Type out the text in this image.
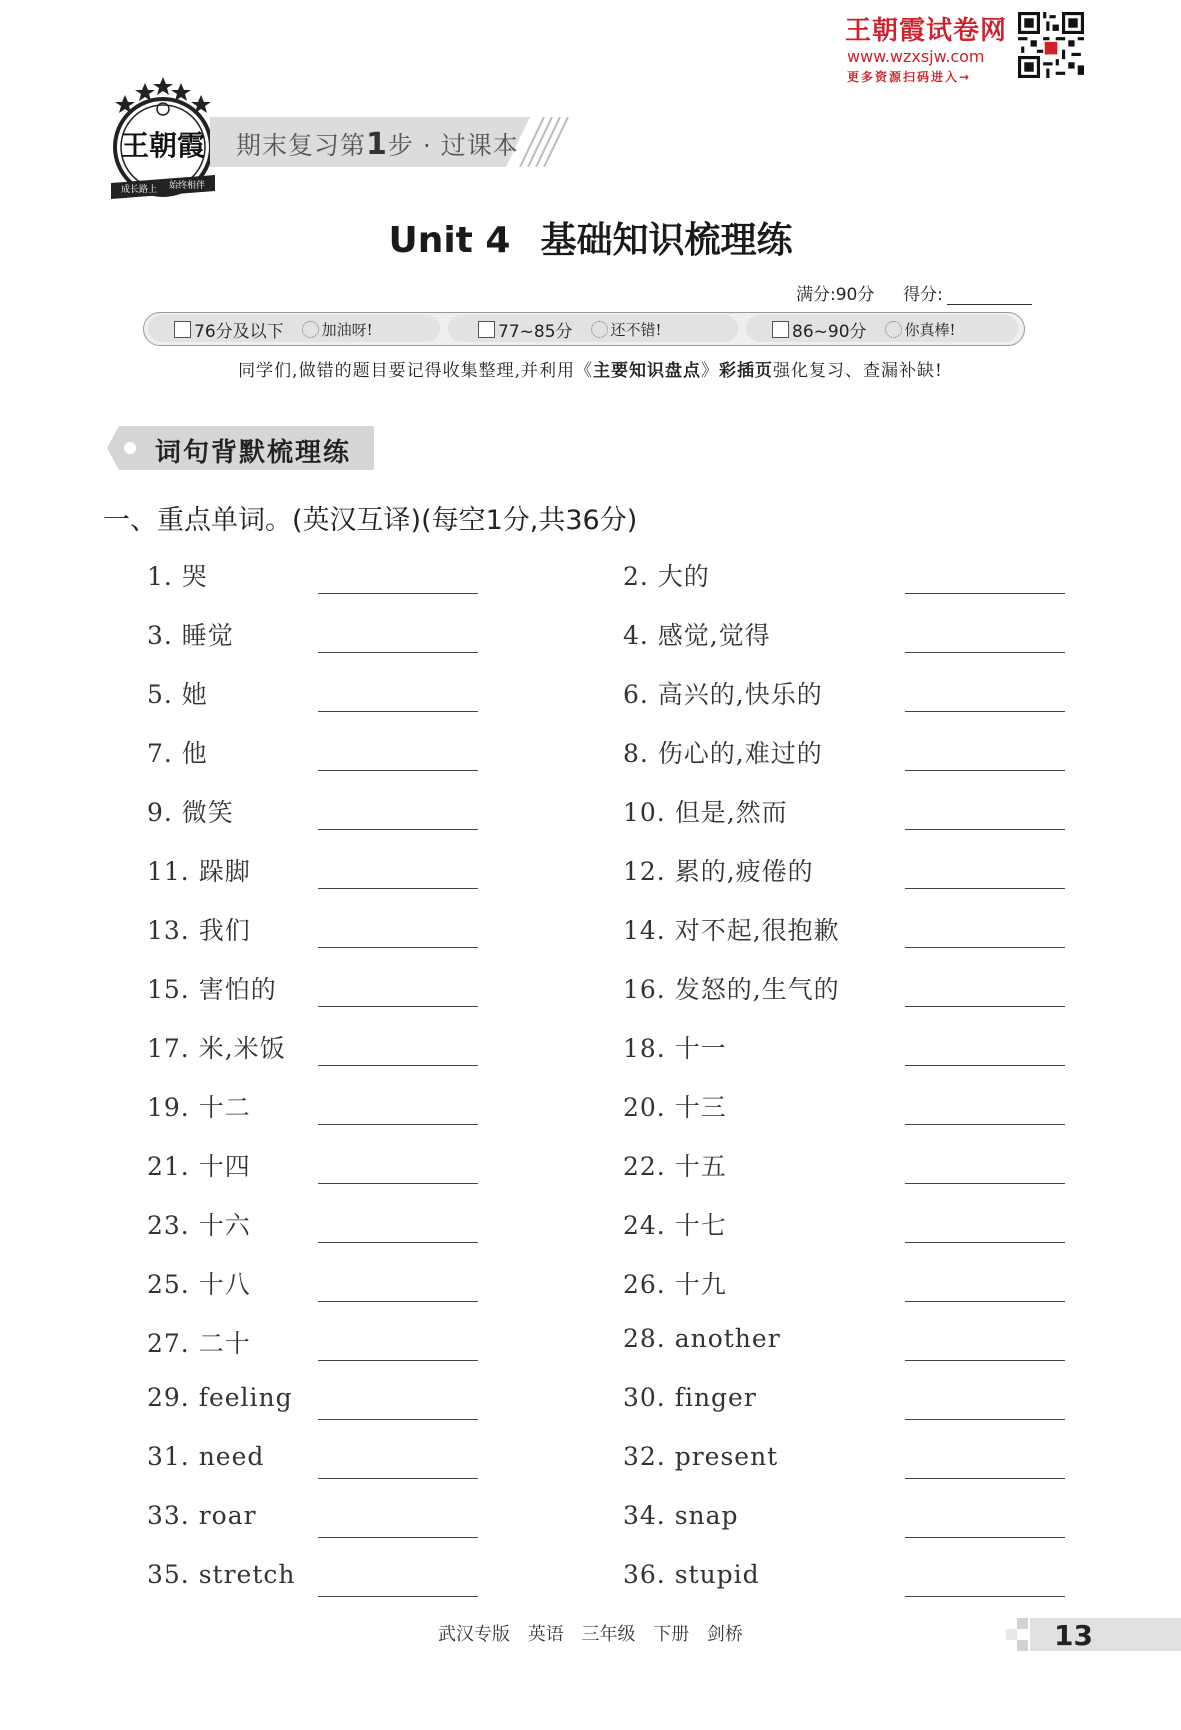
王朝霞试卷网
www.wzxsjw.com
更多资源扫码进入→
王朝霞
成长路上 始终相伴
期末复习第1步 · 过课本
Unit 4 基础知识梳理练
满分:90分 得分:
76分及以下	加油呀!	77~85分	还不错!	86~90分	你真棒!
同学们,做错的题目要记得收集整理,并利用《主要知识盘点》彩插页强化复习、查漏补缺!
词句背默梳理练
一、重点单词。(英汉互译)(每空1分,共36分)
1. 哭	2. 大的
3. 睡觉	4. 感觉,觉得
5. 她	6. 高兴的,快乐的
7. 他	8. 伤心的,难过的
9. 微笑	10. 但是,然而
11. 跺脚	12. 累的,疲倦的
13. 我们	14. 对不起,很抱歉
15. 害怕的	16. 发怒的,生气的
17. 米,米饭	18. 十一
19. 十二	20. 十三
21. 十四	22. 十五
23. 十六	24. 十七
25. 十八	26. 十九
27. 二十	28. another
29. feeling	30. finger
31. need	32. present
33. roar	34. snap
35. stretch	36. stupid
武汉专版 英语 三年级 下册 剑桥	13
